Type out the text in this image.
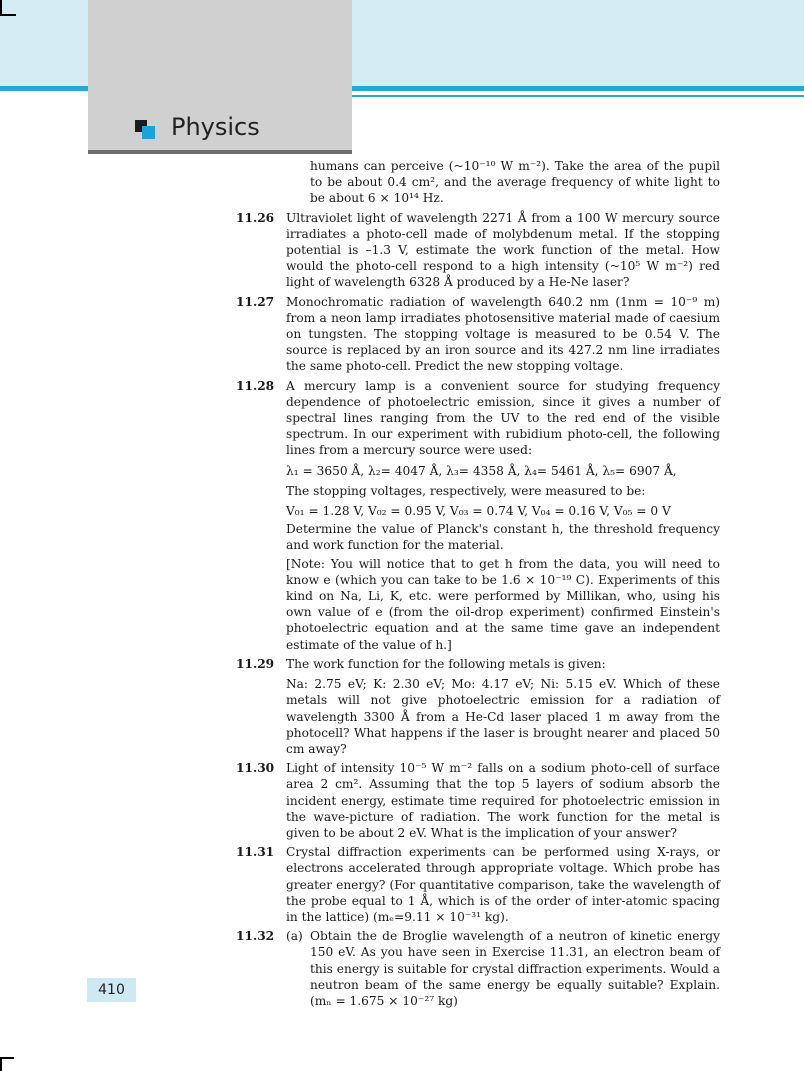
Physics
410

humans can perceive (~10⁻¹⁰ W m⁻²). Take the area of the pupil to be about 0.4 cm², and the average frequency of white light to be about 6 × 10¹⁴ Hz.

11.26 Ultraviolet light of wavelength 2271 Å from a 100 W mercury source irradiates a photo-cell made of molybdenum metal. If the stopping potential is –1.3 V, estimate the work function of the metal. How would the photo-cell respond to a high intensity (~10⁵ W m⁻²) red light of wavelength 6328 Å produced by a He-Ne laser?

11.27 Monochromatic radiation of wavelength 640.2 nm (1nm = 10⁻⁹ m) from a neon lamp irradiates photosensitive material made of caesium on tungsten. The stopping voltage is measured to be 0.54 V. The source is replaced by an iron source and its 427.2 nm line irradiates the same photo-cell. Predict the new stopping voltage.

11.28 A mercury lamp is a convenient source for studying frequency dependence of photoelectric emission, since it gives a number of spectral lines ranging from the UV to the red end of the visible spectrum. In our experiment with rubidium photo-cell, the following lines from a mercury source were used:

λ₁ = 3650 Å, λ₂= 4047 Å, λ₃= 4358 Å, λ₄= 5461 Å, λ₅= 6907 Å,

The stopping voltages, respectively, were measured to be:

V₀₁ = 1.28 V, V₀₂ = 0.95 V, V₀₃ = 0.74 V, V₀₄ = 0.16 V, V₀₅ = 0 V

Determine the value of Planck's constant h, the threshold frequency and work function for the material.

[Note: You will notice that to get h from the data, you will need to know e (which you can take to be 1.6 × 10⁻¹⁹ C). Experiments of this kind on Na, Li, K, etc. were performed by Millikan, who, using his own value of e (from the oil-drop experiment) confirmed Einstein's photoelectric equation and at the same time gave an independent estimate of the value of h.]

11.29 The work function for the following metals is given:

Na: 2.75 eV; K: 2.30 eV; Mo: 4.17 eV; Ni: 5.15 eV. Which of these metals will not give photoelectric emission for a radiation of wavelength 3300 Å from a He-Cd laser placed 1 m away from the photocell? What happens if the laser is brought nearer and placed 50 cm away?

11.30 Light of intensity 10⁻⁵ W m⁻² falls on a sodium photo-cell of surface area 2 cm². Assuming that the top 5 layers of sodium absorb the incident energy, estimate time required for photoelectric emission in the wave-picture of radiation. The work function for the metal is given to be about 2 eV. What is the implication of your answer?

11.31 Crystal diffraction experiments can be performed using X-rays, or electrons accelerated through appropriate voltage. Which probe has greater energy? (For quantitative comparison, take the wavelength of the probe equal to 1 Å, which is of the order of inter-atomic spacing in the lattice) (mₑ=9.11 × 10⁻³¹ kg).

11.32 (a) Obtain the de Broglie wavelength of a neutron of kinetic energy 150 eV. As you have seen in Exercise 11.31, an electron beam of this energy is suitable for crystal diffraction experiments. Would a neutron beam of the same energy be equally suitable? Explain. (mₙ = 1.675 × 10⁻²⁷ kg)
